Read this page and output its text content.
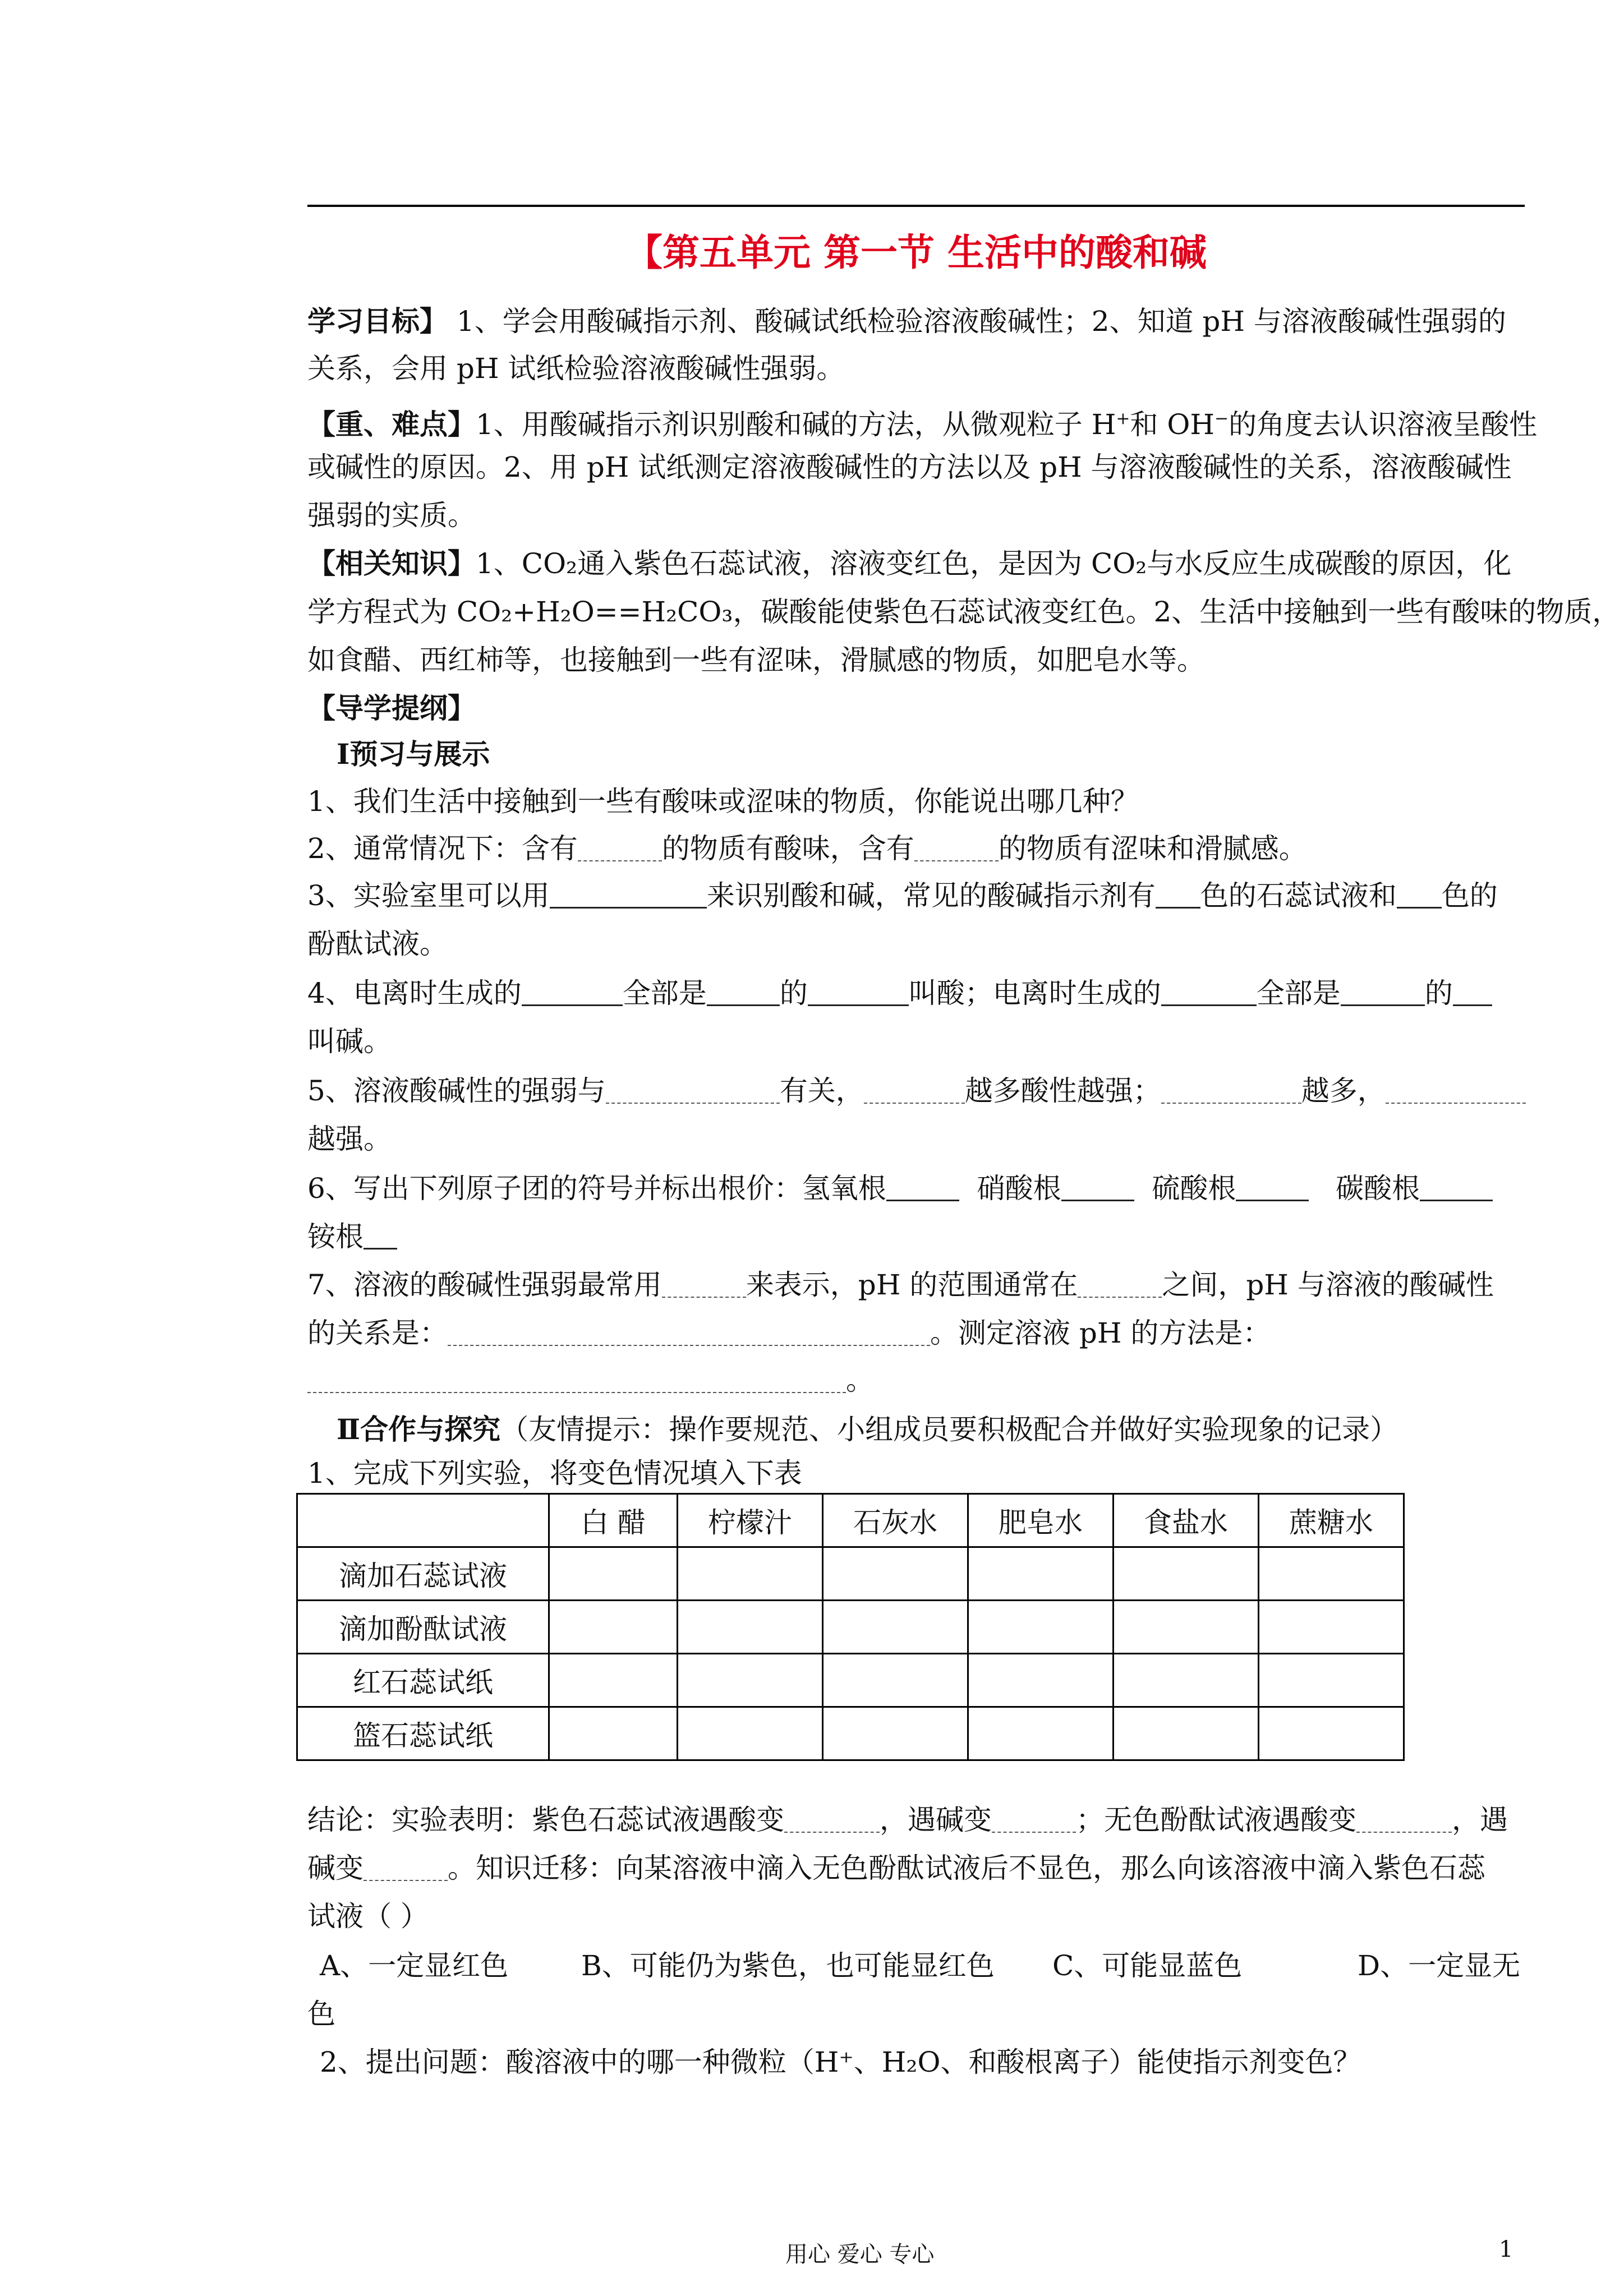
【第五单元 第一节 生活中的酸和碱
学习目标】 1、学会用酸碱指示剂、酸碱试纸检验溶液酸碱性；2、知道 pH 与溶液酸碱性强弱的
关系，会用 pH 试纸检验溶液酸碱性强弱。
【重、难点】1、用酸碱指示剂识别酸和碱的方法，从微观粒子 H+和 OH−的角度去认识溶液呈酸性
或碱性的原因。2、用 pH 试纸测定溶液酸碱性的方法以及 pH 与溶液酸碱性的关系，溶液酸碱性
强弱的实质。
【相关知识】1、CO₂通入紫色石蕊试液，溶液变红色，是因为 CO₂与水反应生成碳酸的原因，化
学方程式为 CO₂+H₂O==H₂CO₃，碳酸能使紫色石蕊试液变红色。2、生活中接触到一些有酸味的物质，
如食醋、西红柿等，也接触到一些有涩味，滑腻感的物质，如肥皂水等。
【导学提纲】
Ⅰ预习与展示
1、我们生活中接触到一些有酸味或涩味的物质，你能说出哪几种？
2、通常情况下：含有	的物质有酸味，含有	的物质有涩味和滑腻感。
3、实验室里可以用	来识别酸和碱，常见的酸碱指示剂有 色的石蕊试液和 色的
酚酞试液。
4、电离时生成的	全部是	的	叫酸；电离时生成的	全部是	的
叫碱。
5、溶液酸碱性的强弱与	有关，	越多酸性越强；	越多，
越强。
6、写出下列原子团的符号并标出根价：氢氧根	硝酸根	硫酸根	碳酸根
铵根
7、溶液的酸碱性强弱最常用	来表示，pH 的范围通常在	之间，pH 与溶液的酸碱性
的关系是：	。测定溶液 pH 的方法是：
。
Ⅱ合作与探究（友情提示：操作要规范、小组成员要积极配合并做好实验现象的记录）
1、完成下列实验，将变色情况填入下表
	白 醋	柠檬汁	石灰水	肥皂水	食盐水	蔗糖水
滴加石蕊试液						
滴加酚酞试液						
红石蕊试纸						
篮石蕊试纸						
结论：实验表明：紫色石蕊试液遇酸变	，遇碱变	；无色酚酞试液遇酸变	，遇
碱变	。知识迁移：向某溶液中滴入无色酚酞试液后不显色，那么向该溶液中滴入紫色石蕊
试液（ ）
A、一定显红色	B、可能仍为紫色，也可能显红色 C、可能显蓝色	D、一定显无
色
2、提出问题：酸溶液中的哪一种微粒（H⁺、H₂O、和酸根离子）能使指示剂变色？
用心 爱心 专心	1
